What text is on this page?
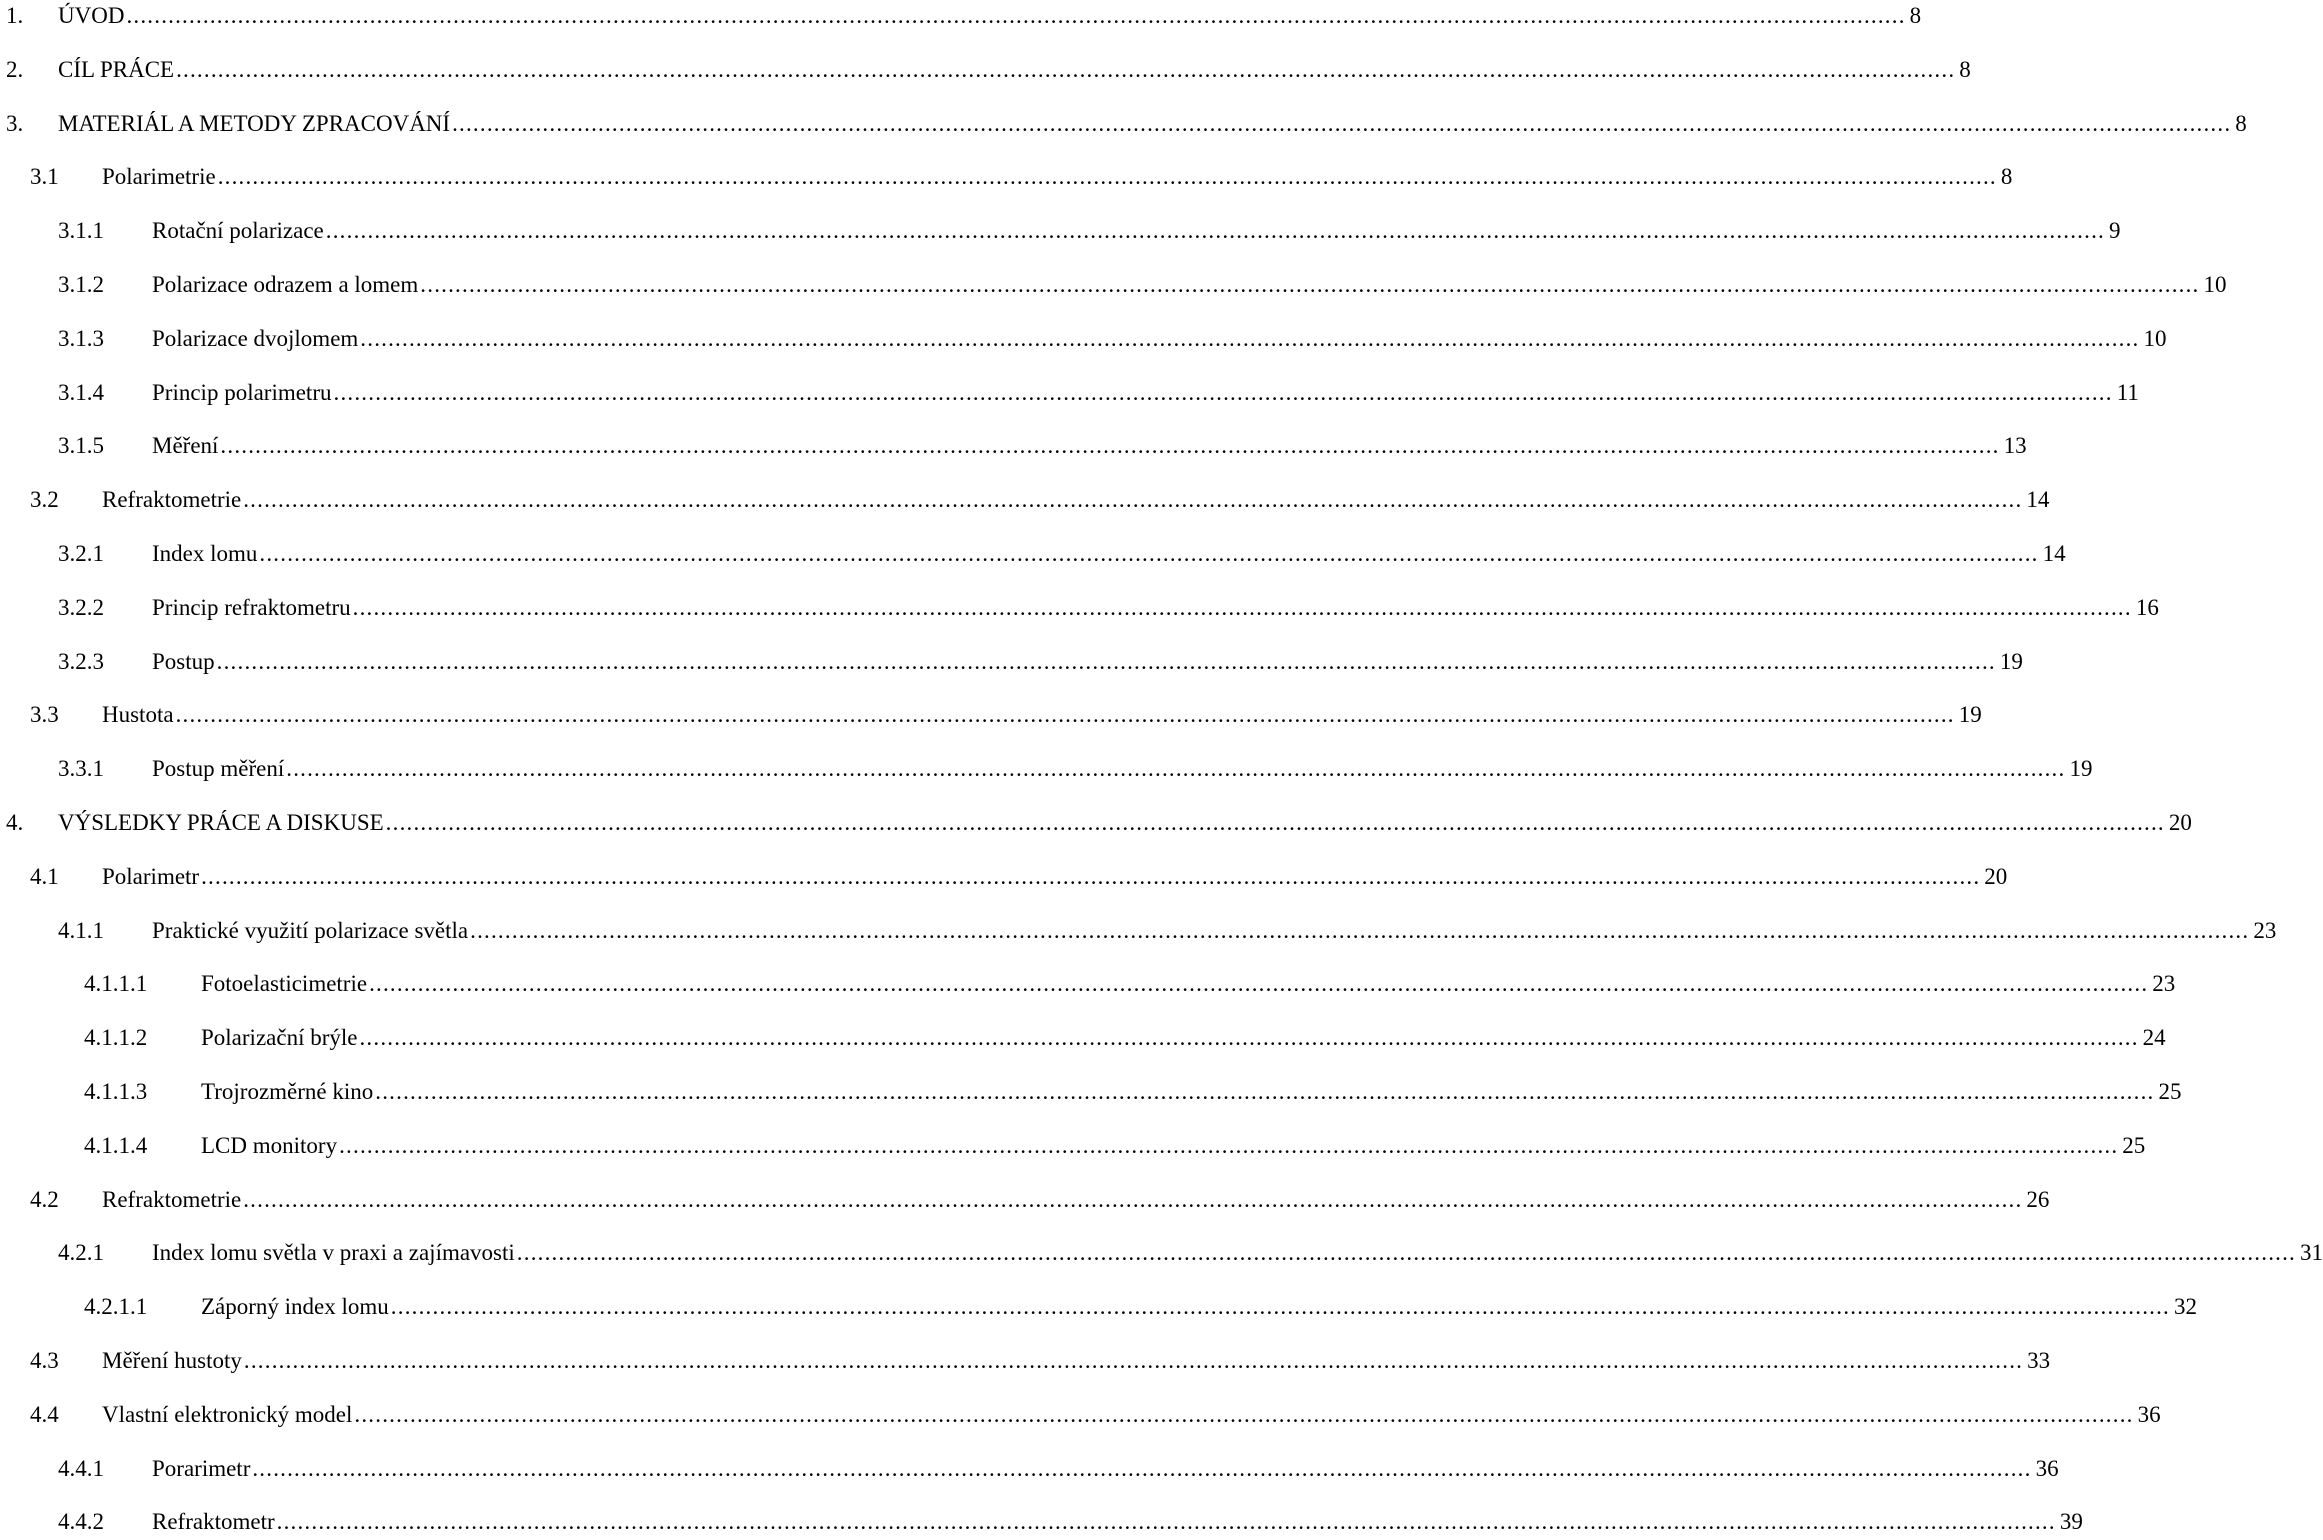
1.	ÚVOD .....	8
2.	CÍL PRÁCE .....	8
3.	MATERIÁL A METODY ZPRACOVÁNÍ .....	8
3.1	Polarimetrie .....	8
3.1.1	Rotační polarizace .....	9
3.1.2	Polarizace odrazem a lomem .....	10
3.1.3	Polarizace dvojlomem .....	10
3.1.4	Princip polarimetru .....	11
3.1.5	Měření .....	13
3.2	Refraktometrie .....	14
3.2.1	Index lomu .....	14
3.2.2	Princip refraktometru .....	16
3.2.3	Postup .....	19
3.3	Hustota .....	19
3.3.1	Postup měření .....	19
4.	VÝSLEDKY PRÁCE A DISKUSE .....	20
4.1	Polarimetr .....	20
4.1.1	Praktické využití polarizace světla .....	23
4.1.1.1	Fotoelasticimetrie .....	23
4.1.1.2	Polarizační brýle .....	24
4.1.1.3	Trojrozměrné kino .....	25
4.1.1.4	LCD monitory .....	25
4.2	Refraktometrie .....	26
4.2.1	Index lomu světla v praxi a zajímavosti .....	31
4.2.1.1	Záporný index lomu .....	32
4.3	Měření hustoty .....	33
4.4	Vlastní elektronický model .....	36
4.4.1	Porarimetr .....	36
4.4.2	Refraktometr .....	39
